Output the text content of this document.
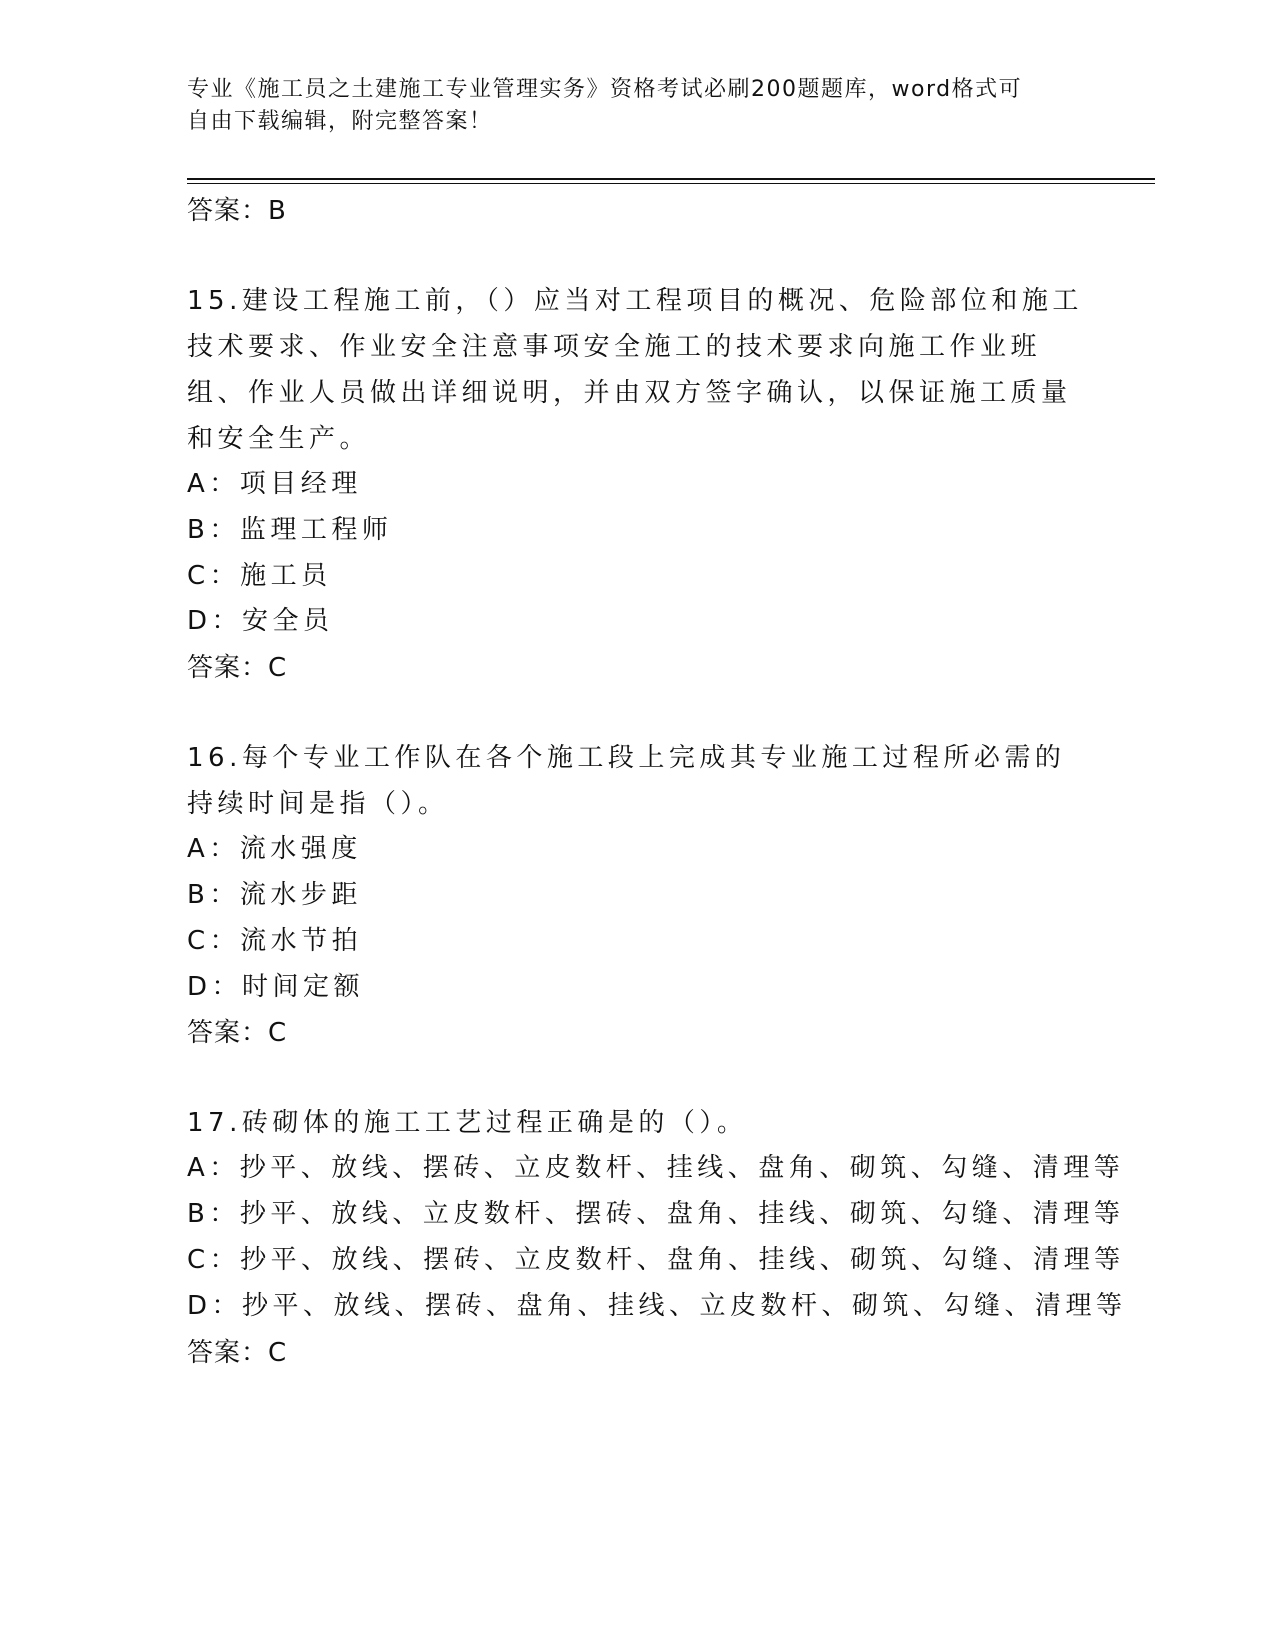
专业《施工员之土建施工专业管理实务》资格考试必刷200题题库，word格式可
自由下载编辑，附完整答案！
答案：B

15.建设工程施工前，（）应当对工程项目的概况、危险部位和施工技术要求、作业安全注意事项安全施工的技术要求向施工作业班组、作业人员做出详细说明，并由双方签字确认，以保证施工质量和安全生产。

A：项目经理
B：监理工程师
C：施工员
D：安全员
答案：C

16.每个专业工作队在各个施工段上完成其专业施工过程所必需的持续时间是指（）。

A：流水强度
B：流水步距
C：流水节拍
D：时间定额
答案：C

17.砖砌体的施工工艺过程正确是的（）。

A：抄平、放线、摆砖、立皮数杆、挂线、盘角、砌筑、勾缝、清理等
B：抄平、放线、立皮数杆、摆砖、盘角、挂线、砌筑、勾缝、清理等
C：抄平、放线、摆砖、立皮数杆、盘角、挂线、砌筑、勾缝、清理等
D：抄平、放线、摆砖、盘角、挂线、立皮数杆、砌筑、勾缝、清理等
答案：C
